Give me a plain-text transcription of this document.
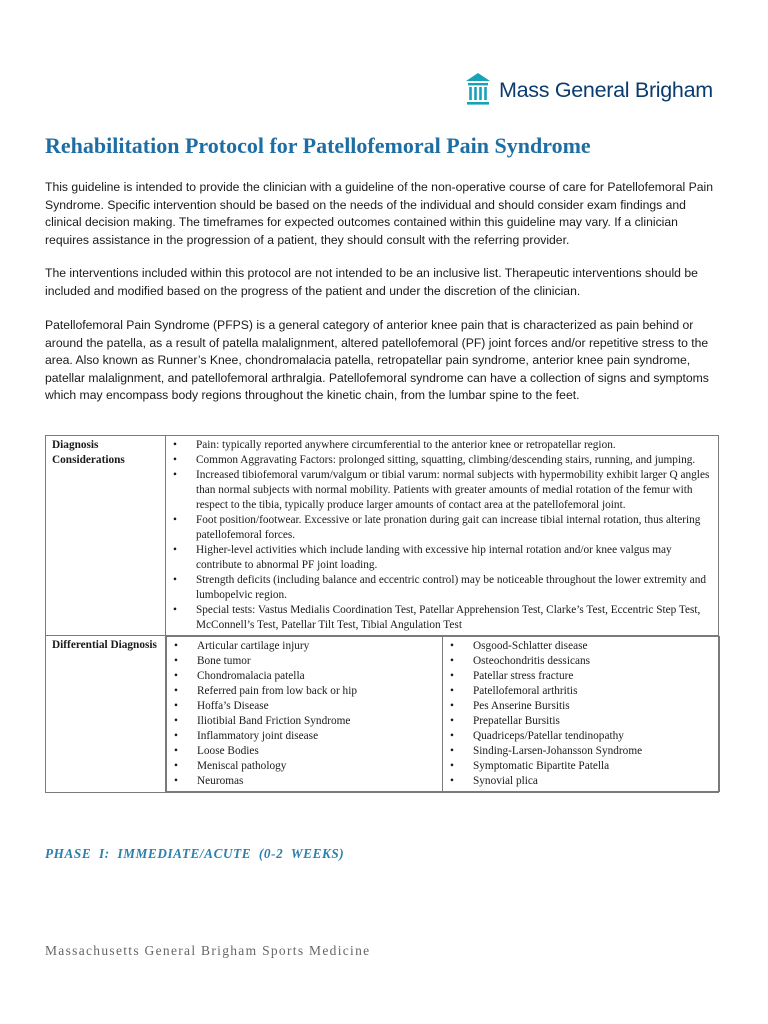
Mass General Brigham
Rehabilitation Protocol for Patellofemoral Pain Syndrome

This guideline is intended to provide the clinician with a guideline of the non-operative course of care for Patellofemoral Pain Syndrome. Specific intervention should be based on the needs of the individual and should consider exam findings and clinical decision making. The timeframes for expected outcomes contained within this guideline may vary. If a clinician requires assistance in the progression of a patient, they should consult with the referring provider.

The interventions included within this protocol are not intended to be an inclusive list. Therapeutic interventions should be included and modified based on the progress of the patient and under the discretion of the clinician.

Patellofemoral Pain Syndrome (PFPS) is a general category of anterior knee pain that is characterized as pain behind or around the patella, as a result of patella malalignment, altered patellofemoral (PF) joint forces and/or repetitive stress to the area. Also known as Runner’s Knee, chondromalacia patella, retropatellar pain syndrome, anterior knee pain syndrome, patellar malalignment, and patellofemoral arthralgia. Patellofemoral syndrome can have a collection of signs and symptoms which may encompass body regions throughout the kinetic chain, from the lumbar spine to the feet.

Diagnosis Considerations	
• Pain: typically reported anywhere circumferential to the anterior knee or retropatellar region.
• Common Aggravating Factors: prolonged sitting, squatting, climbing/descending stairs, running, and jumping.
• Increased tibiofemoral varum/valgum or tibial varum: normal subjects with hypermobility exhibit larger Q angles than normal subjects with normal mobility. Patients with greater amounts of medial rotation of the femur with respect to the tibia, typically produce larger amounts of contact area at the patellofemoral joint.
• Foot position/footwear. Excessive or late pronation during gait can increase tibial internal rotation, thus altering patellofemoral forces.
• Higher-level activities which include landing with excessive hip internal rotation and/or knee valgus may contribute to abnormal PF joint loading.
• Strength deficits (including balance and eccentric control) may be noticeable throughout the lower extremity and lumbopelvic region.
• Special tests: Vastus Medialis Coordination Test, Patellar Apprehension Test, Clarke’s Test, Eccentric Step Test, McConnell’s Test, Patellar Tilt Test, Tibial Angulation Test

Differential Diagnosis	
•	Articular cartilage injury
• Bone tumor
• Chondromalacia patella
• Referred pain from low back or hip
• Hoffa’s Disease
• Iliotibial Band Friction Syndrome
• Inflammatory joint disease
• Loose Bodies
• Meniscal pathology
• Neuromas

• Osgood-Schlatter disease
• Osteochondritis dessicans
• Patellar stress fracture
• Patellofemoral arthritis
• Pes Anserine Bursitis
• Prepatellar Bursitis
• Quadriceps/Patellar tendinopathy
• Sinding-Larsen-Johansson Syndrome
• Symptomatic Bipartite Patella
• Synovial plica

PHASE  I:  IMMEDIATE/ACUTE  (0-2  WEEKS)

Massachusetts General Brigham Sports Medicine
